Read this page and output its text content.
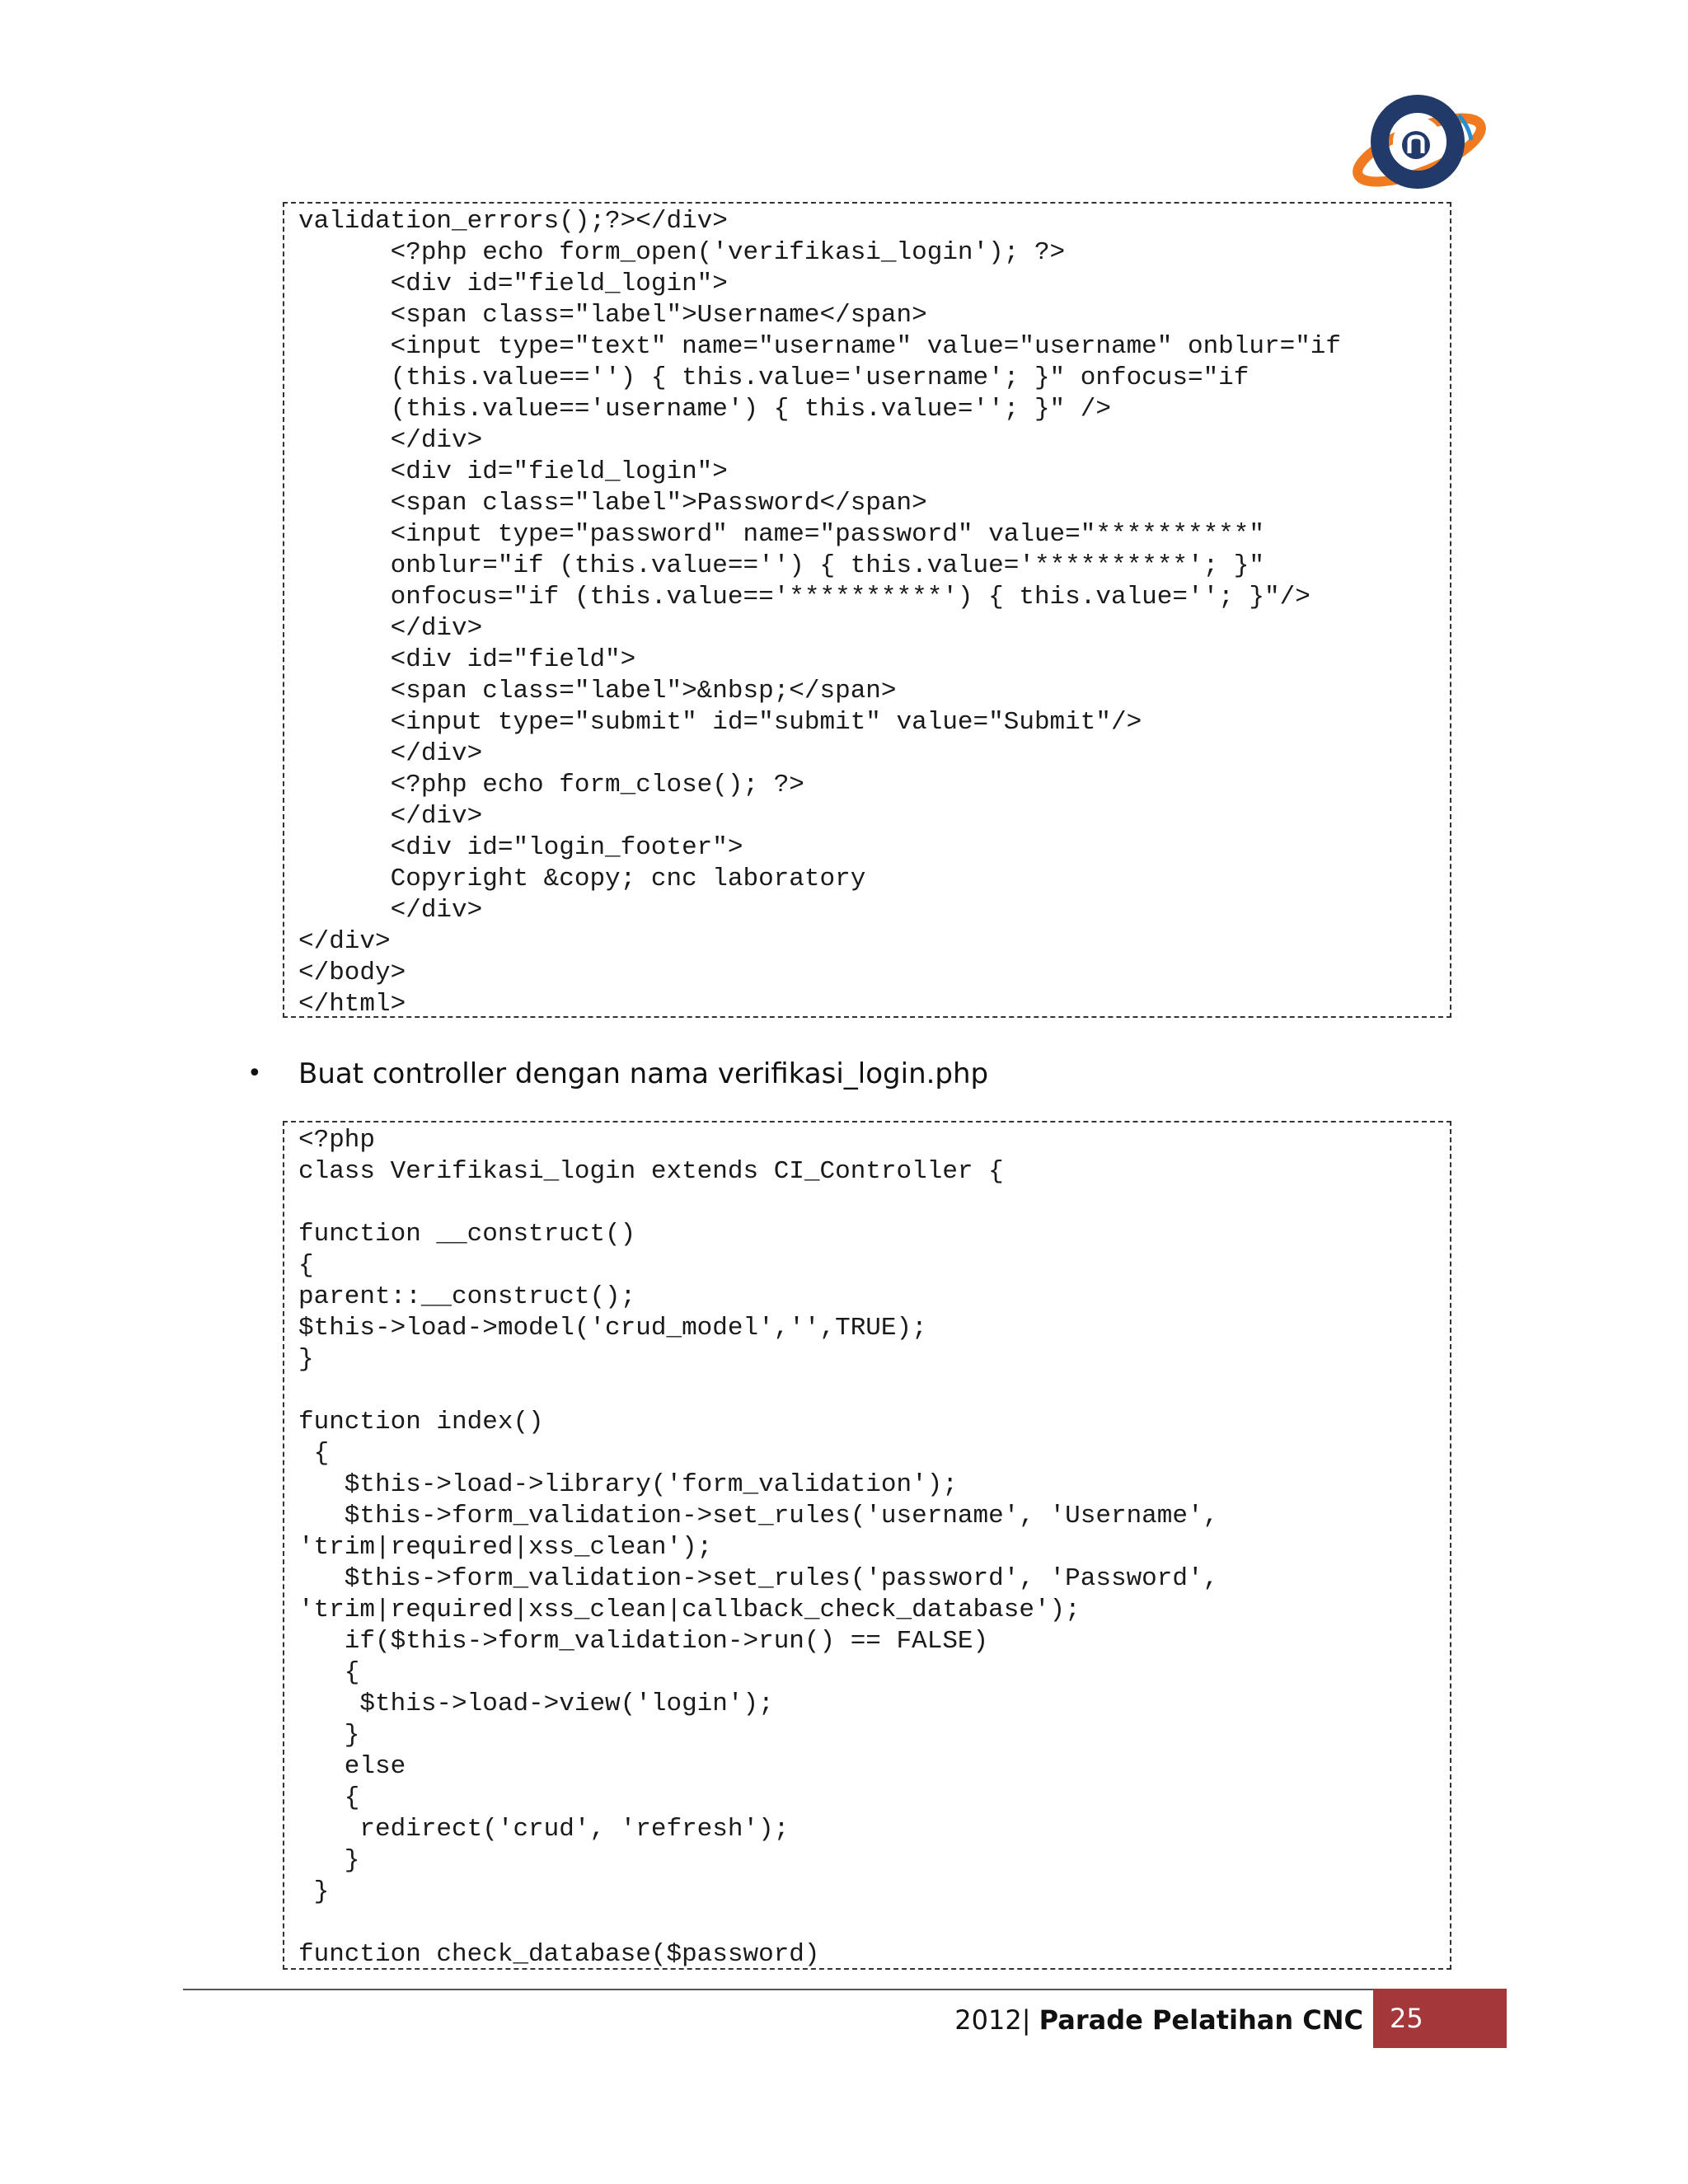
validation_errors();?></div>
<?php echo form_open('verifikasi_login'); ?>
<div id="field_login">
<span class="label">Username</span>
<input type="text" name="username" value="username" onblur="if
(this.value=='') { this.value='username'; }" onfocus="if
(this.value=='username') { this.value=''; }" />
</div>
<div id="field_login">
<span class="label">Password</span>
<input type="password" name="password" value="**********"
onblur="if (this.value=='') { this.value='**********'; }"
onfocus="if (this.value=='**********') { this.value=''; }"/>
</div>
<div id="field">
<span class="label">&nbsp;</span>
<input type="submit" id="submit" value="Submit"/>
</div>
<?php echo form_close(); ?>
</div>
<div id="login_footer">
Copyright &copy; cnc laboratory
</div>
</div>
</body>
</html>
• Buat controller dengan nama verifikasi_login.php
<?php
class Verifikasi_login extends CI_Controller {
function __construct()
{
parent::__construct();
$this->load->model('crud_model','',TRUE);
}
function index()
{
$this->load->library('form_validation');
$this->form_validation->set_rules('username', 'Username',
'trim|required|xss_clean');
$this->form_validation->set_rules('password', 'Password',
'trim|required|xss_clean|callback_check_database');
if($this->form_validation->run() == FALSE)
{
$this->load->view('login');
}
else
{
redirect('crud', 'refresh');
}
}
function check_database($password)
2012| Parade Pelatihan CNC	25
